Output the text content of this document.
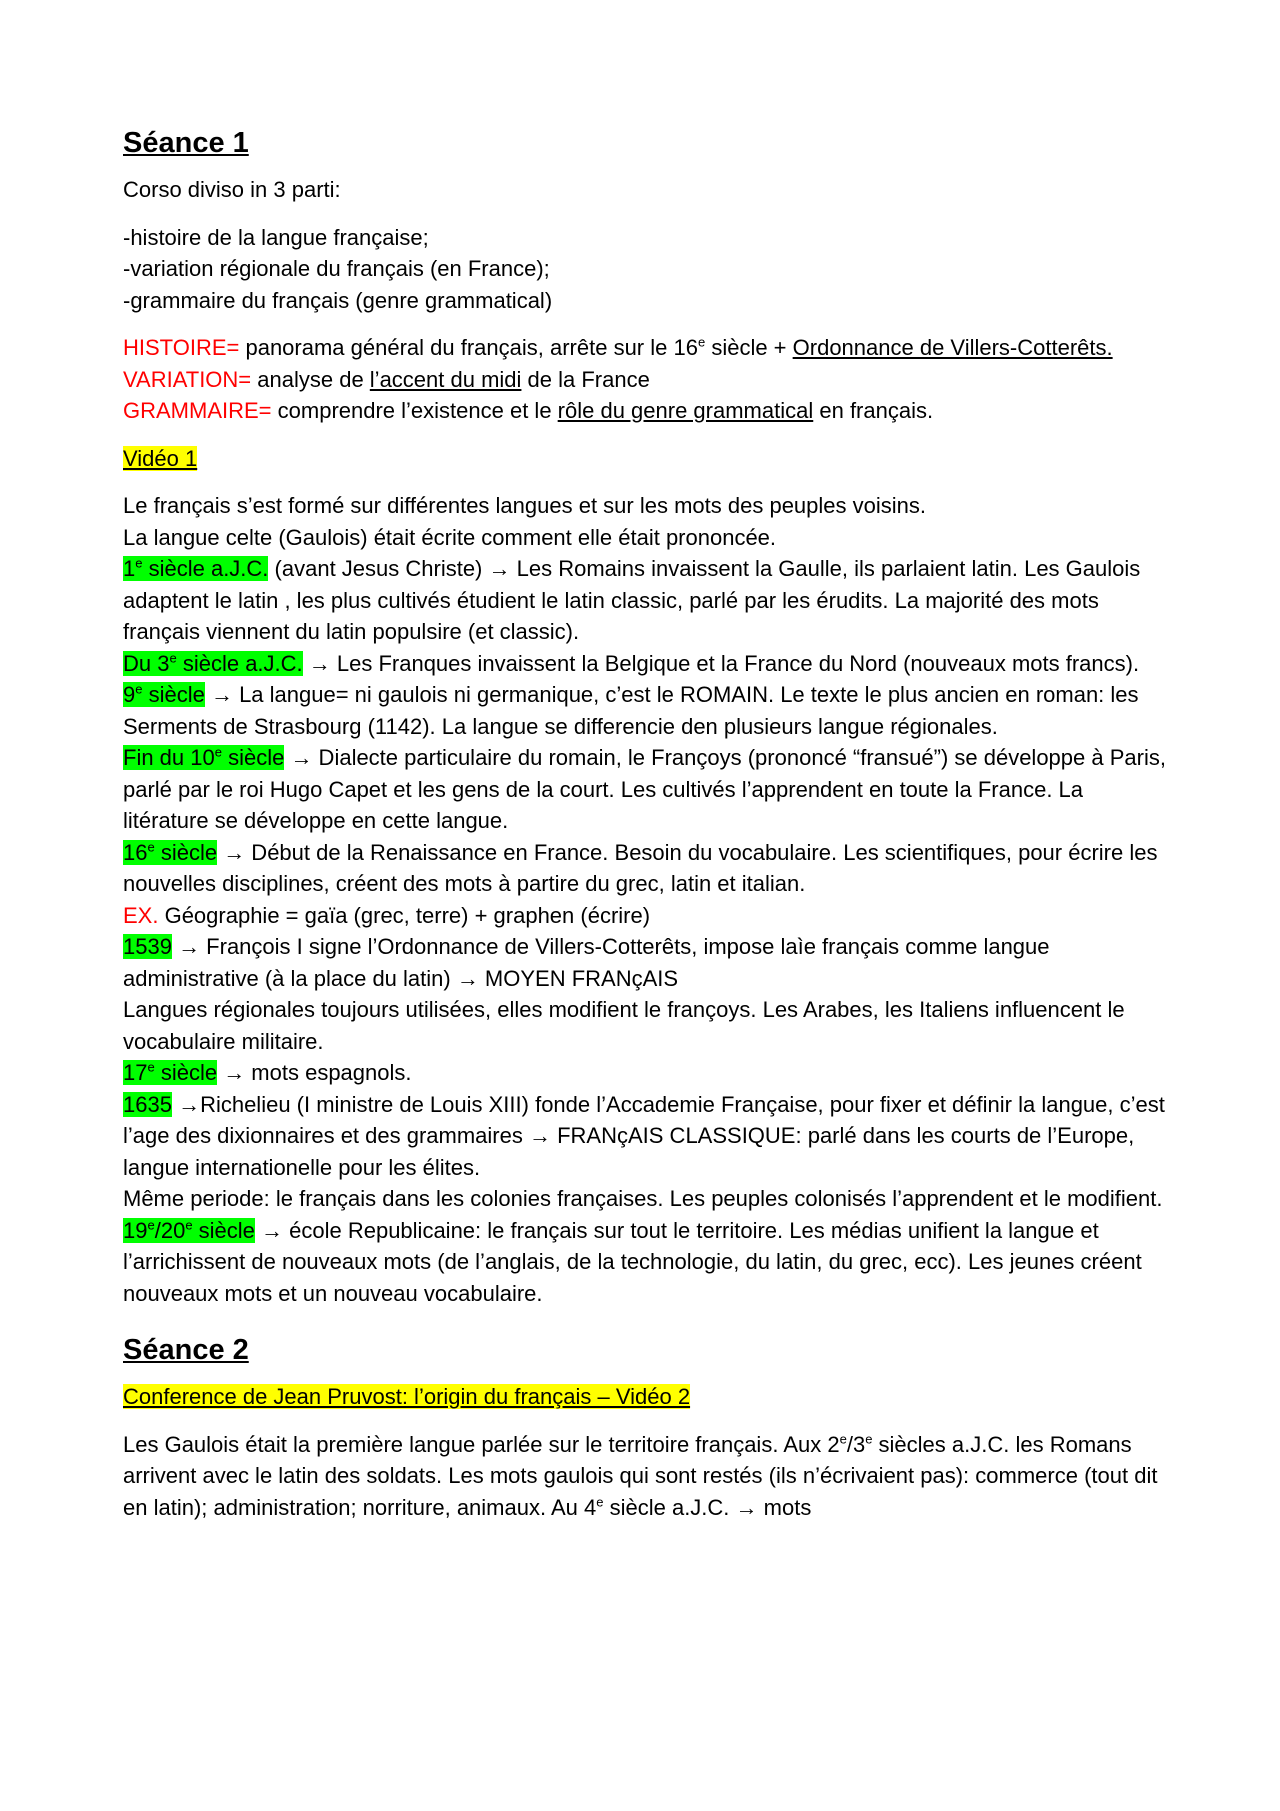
Séance 1

Corso diviso in 3 parti:

-histoire de la langue française;

-variation régionale du français (en France);

-grammaire du français (genre grammatical)

HISTOIRE= panorama général du français, arrête sur le 16e siècle + Ordonnance de Villers-Cotterêts.

VARIATION= analyse de l’accent du midi de la France

GRAMMAIRE= comprendre l’existence et le rôle du genre grammatical en français.

Vidéo 1

Le français s’est formé sur différentes langues et sur les mots des peuples voisins.

La langue celte (Gaulois) était écrite comment elle était prononcée.

1e siècle a.J.C. (avant Jesus Christe) → Les Romains invaissent la Gaulle, ils parlaient latin. Les Gaulois adaptent le latin , les plus cultivés étudient le latin classic, parlé par les érudits. La majorité des mots français viennent du latin populsire (et classic).

Du 3e siècle a.J.C. → Les Franques invaissent la Belgique et la France du Nord (nouveaux mots francs).

9e siècle → La langue= ni gaulois ni germanique, c’est le ROMAIN. Le texte le plus ancien en roman: les Serments de Strasbourg (1142). La langue se differencie den plusieurs langue régionales.

Fin du 10e siècle → Dialecte particulaire du romain, le Françoys (prononcé “fransué”) se développe à Paris, parlé par le roi Hugo Capet et les gens de la court. Les cultivés l’apprendent en toute la France. La litérature se développe en cette langue.

16e siècle → Début de la Renaissance en France. Besoin du vocabulaire. Les scientifiques, pour écrire les nouvelles disciplines, créent des mots à partire du grec, latin et italian.

EX. Géographie = gaïa (grec, terre) + graphen (écrire)

1539 → François I signe l’Ordonnance de Villers-Cotterêts, impose laìe français comme langue administrative (à la place du latin) → MOYEN FRANçAIS

Langues régionales toujours utilisées, elles modifient le françoys. Les Arabes, les Italiens influencent le vocabulaire militaire.

17e siècle → mots espagnols.

1635 →Richelieu (I ministre de Louis XIII) fonde l’Accademie Française, pour fixer et définir la langue, c’est l’age des dixionnaires et des grammaires → FRANçAIS CLASSIQUE: parlé dans les courts de l’Europe, langue internationelle pour les élites.

Même periode: le français dans les colonies françaises. Les peuples colonisés l’apprendent et le modifient.

19e/20e siècle → école Republicaine: le français sur tout le territoire. Les médias unifient la langue et l’arrichissent de nouveaux mots (de l’anglais, de la technologie, du latin, du grec, ecc). Les jeunes créent nouveaux mots et un nouveau vocabulaire.

Séance 2

Conference de Jean Pruvost: l’origin du français – Vidéo 2

Les Gaulois était la première langue parlée sur le territoire français. Aux 2e/3e siècles a.J.C. les Romans arrivent avec le latin des soldats. Les mots gaulois qui sont restés (ils n’écrivaient pas): commerce (tout dit en latin); administration; norriture, animaux. Au 4e siècle a.J.C. → mots
